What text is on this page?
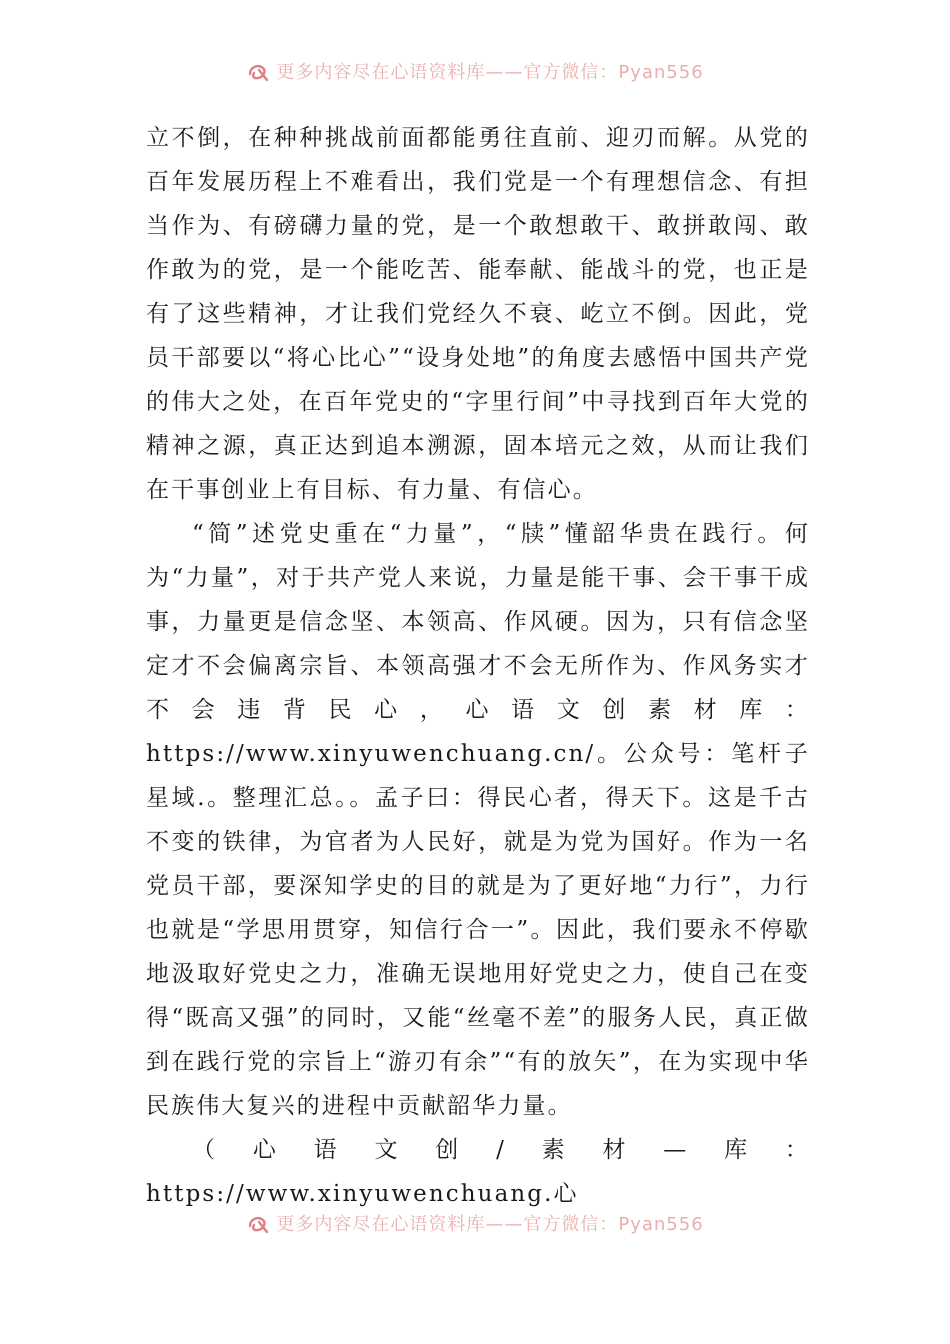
更多内容尽在心语资料库——官方微信：Pyan556

立不倒，在种种挑战前面都能勇往直前、迎刃而解。从党的百年发展历程上不难看出，我们党是一个有理想信念、有担当作为、有磅礴力量的党，是一个敢想敢干、敢拼敢闯、敢作敢为的党，是一个能吃苦、能奉献、能战斗的党，也正是有了这些精神，才让我们党经久不衰、屹立不倒。因此，党员干部要以“将心比心”“设身处地”的角度去感悟中国共产党的伟大之处，在百年党史的“字里行间”中寻找到百年大党的精神之源，真正达到追本溯源，固本培元之效，从而让我们在干事创业上有目标、有力量、有信心。

“简”述党史重在“力量”，“牍”懂韶华贵在践行。何为“力量”，对于共产党人来说，力量是能干事、会干事干成事，力量更是信念坚、本领高、作风硬。因为，只有信念坚定才不会偏离宗旨、本领高强才不会无所作为、作风务实才不会违背民心，心语文创素材库：https://www.xinyuwenchuang.cn/。公众号：笔杆子星域.。整理汇总。。孟子曰：得民心者，得天下。这是千古不变的铁律，为官者为人民好，就是为党为国好。作为一名党员干部，要深知学史的目的就是为了更好地“力行”，力行也就是“学思用贯穿，知信行合一”。因此，我们要永不停歇地汲取好党史之力，准确无误地用好党史之力，使自己在变得“既高又强”的同时，又能“丝毫不差”的服务人民，真正做到在践行党的宗旨上“游刃有余”“有的放矢”，在为实现中华民族伟大复兴的进程中贡献韶华力量。

（心语文创/素材—库：https://www.xinyuwenchuang.心

更多内容尽在心语资料库——官方微信：Pyan556
